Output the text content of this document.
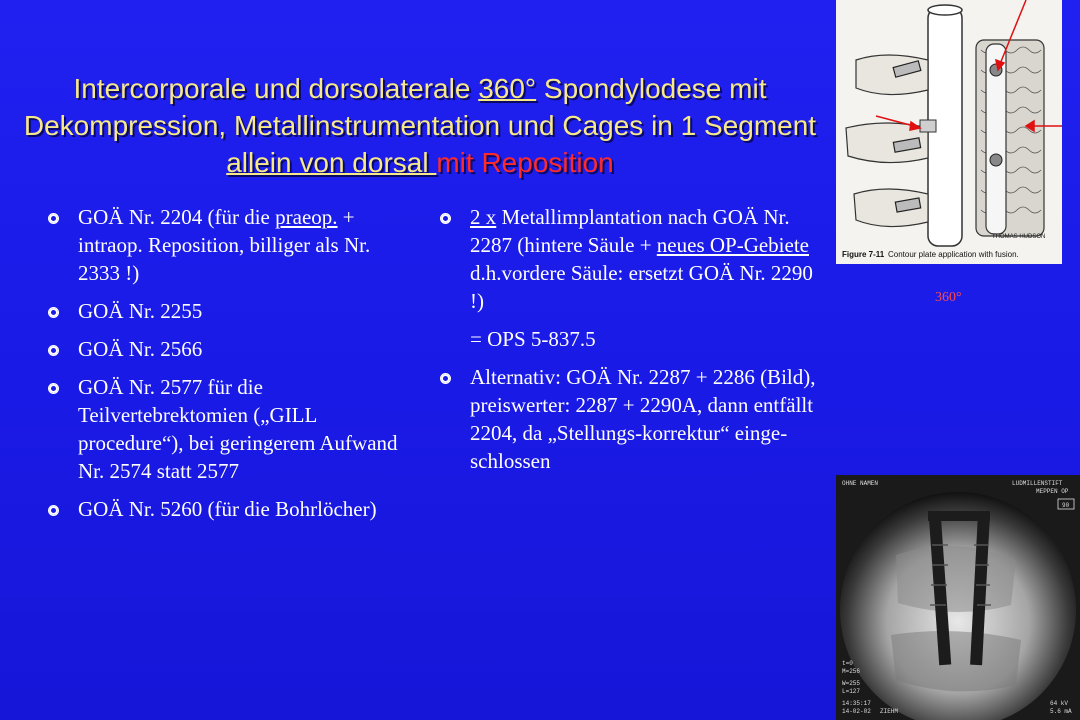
Intercorporale und dorsolaterale 360° Spondylodese mit Dekompression, Metallinstrumentation und Cages in 1 Segment allein von dorsal mit Reposition
GOÄ Nr. 2204 (für die praeop. + intraop. Reposition, billiger als Nr. 2333 !)
GOÄ Nr. 2255
GOÄ Nr. 2566
GOÄ Nr. 2577 für die Teilvertebrektomien („GILL procedure“), bei geringerem Aufwand Nr. 2574 statt 2577
GOÄ Nr. 5260 (für die Bohrlöcher)
2 x Metallimplantation nach GOÄ Nr. 2287 (hintere Säule + neues OP-Gebiete d.h.vordere Säule: ersetzt GOÄ Nr. 2290 !)
= OPS 5-837.5
Alternativ: GOÄ Nr. 2287 + 2286 (Bild), preiswerter: 2287 + 2290A, dann entfällt 2204, da „Stellungs-korrektur“ einge-schlossen
Figure 7-11 Contour plate application with fusion.
THOMAS HUDSON
360°
OHNE NAMEN	LUDMILLENSTIFT
MEPPEN OP
90
t=0
M=256
W=255
L=127
14:35:17
14-02-02 ZIEHM
64 kV
5.6 mA
